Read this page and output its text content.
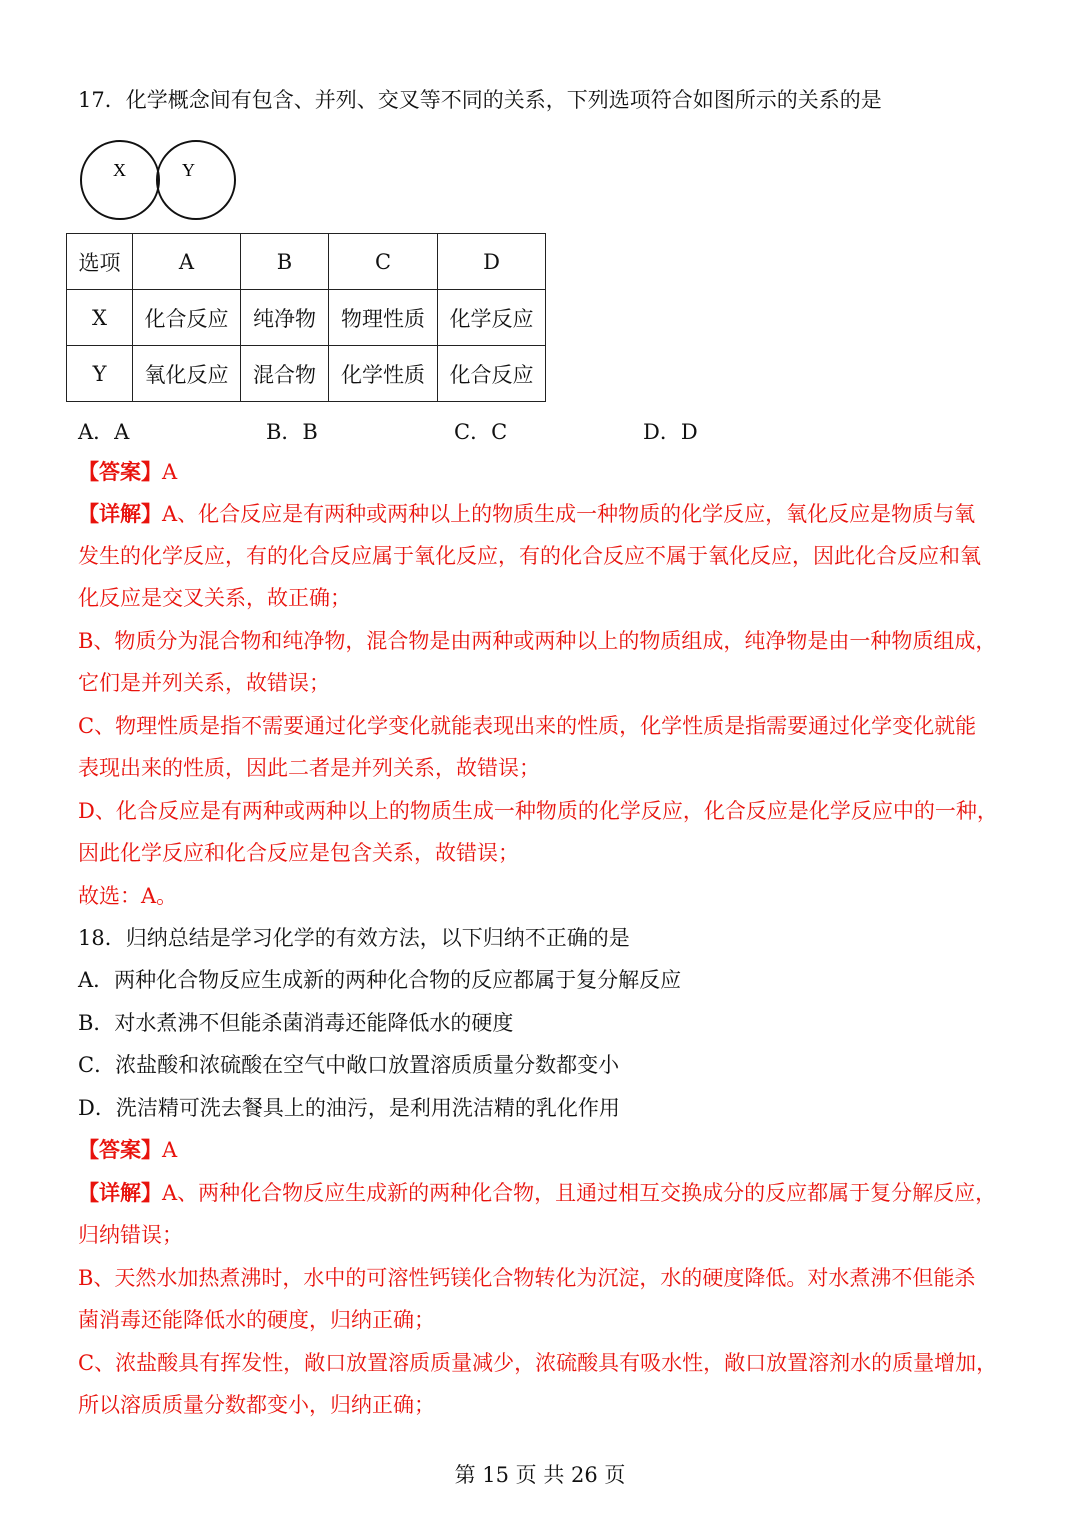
17．化学概念间有包含、并列、交叉等不同的关系，下列选项符合如图所示的关系的是
X	Y
选项	A	B	C	D
X	化合反应	纯净物	物理性质	化学反应
Y	氧化反应	混合物	化学性质	化合反应
A．A	B．B	C．C	D．D
【答案】A
【详解】A、化合反应是有两种或两种以上的物质生成一种物质的化学反应，氧化反应是物质与氧
发生的化学反应，有的化合反应属于氧化反应，有的化合反应不属于氧化反应，因此化合反应和氧
化反应是交叉关系，故正确；
B、物质分为混合物和纯净物，混合物是由两种或两种以上的物质组成，纯净物是由一种物质组成，
它们是并列关系，故错误；
C、物理性质是指不需要通过化学变化就能表现出来的性质，化学性质是指需要通过化学变化就能
表现出来的性质，因此二者是并列关系，故错误；
D、化合反应是有两种或两种以上的物质生成一种物质的化学反应，化合反应是化学反应中的一种，
因此化学反应和化合反应是包含关系，故错误；
故选：A。
18．归纳总结是学习化学的有效方法，以下归纳不正确的是
A．两种化合物反应生成新的两种化合物的反应都属于复分解反应
B．对水煮沸不但能杀菌消毒还能降低水的硬度
C．浓盐酸和浓硫酸在空气中敞口放置溶质质量分数都变小
D．洗洁精可洗去餐具上的油污，是利用洗洁精的乳化作用
【答案】A
【详解】A、两种化合物反应生成新的两种化合物，且通过相互交换成分的反应都属于复分解反应，
归纳错误；
B、天然水加热煮沸时，水中的可溶性钙镁化合物转化为沉淀，水的硬度降低。对水煮沸不但能杀
菌消毒还能降低水的硬度，归纳正确；
C、浓盐酸具有挥发性，敞口放置溶质质量减少，浓硫酸具有吸水性，敞口放置溶剂水的质量增加，
所以溶质质量分数都变小，归纳正确；
第 15 页 共 26 页
